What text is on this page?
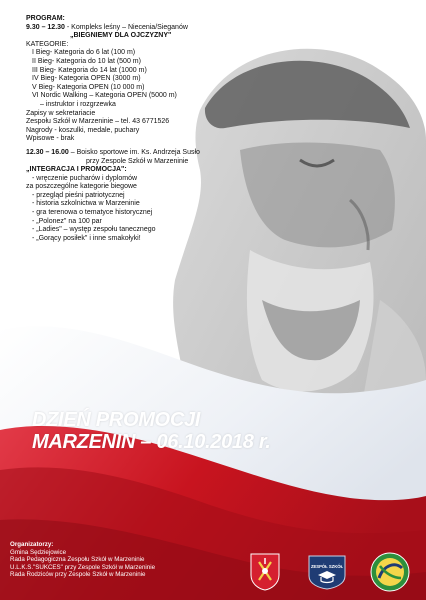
PROGRAM:
9.30 – 12.30 - Kompleks leśny – Niecenia/Sieganów
„BIEGNIEMY DLA OJCZYZNY"
KATEGORIE:
I Bieg- Kategoria do 6 lat (100 m)
II Bieg- Kategoria do 10 lat (500 m)
III Bieg- Kategoria do 14 lat (1000 m)
IV Bieg- Kategoria OPEN (3000 m)
V Bieg- Kategoria OPEN (10 000 m)
VI Nordic Walking – Kategoria OPEN (5000 m)
– instruktor i rozgrzewka
Zapisy w sekretariacie
Zespołu Szkół w Marzeninie – tel. 43 6771526
Nagrody - koszulki, medale, puchary
Wpisowe - brak
12.30 – 16.00 – Boisko sportowe im. Ks. Andrzeja Susło
przy Zespole Szkół w Marzeninie
„INTEGRACJA I PROMOCJA":
- wręczenie pucharów i dyplomów
za poszczególne kategorie biegowe
- przegląd pieśni patriotycznej
- historia szkolnictwa w Marzeninie
- gra terenowa o tematyce historycznej
- „Polonez" na 100 par
- „Ladies" – występ zespołu tanecznego
- „Gorący posiłek" i inne smakołyki!
DZIEŃ PROMOCJI
MARZENIN – 06.10.2018 r.
Organizatorzy:
Gmina Sędziejowice
Rada Pedagogiczna Zespołu Szkół w Marzeninie
U.L.K.S."SUKCES" przy Zespole Szkół w Marzeninie
Rada Rodziców przy Zespole Szkół w Marzeninie
ZESPÓŁ SZKÓŁ
